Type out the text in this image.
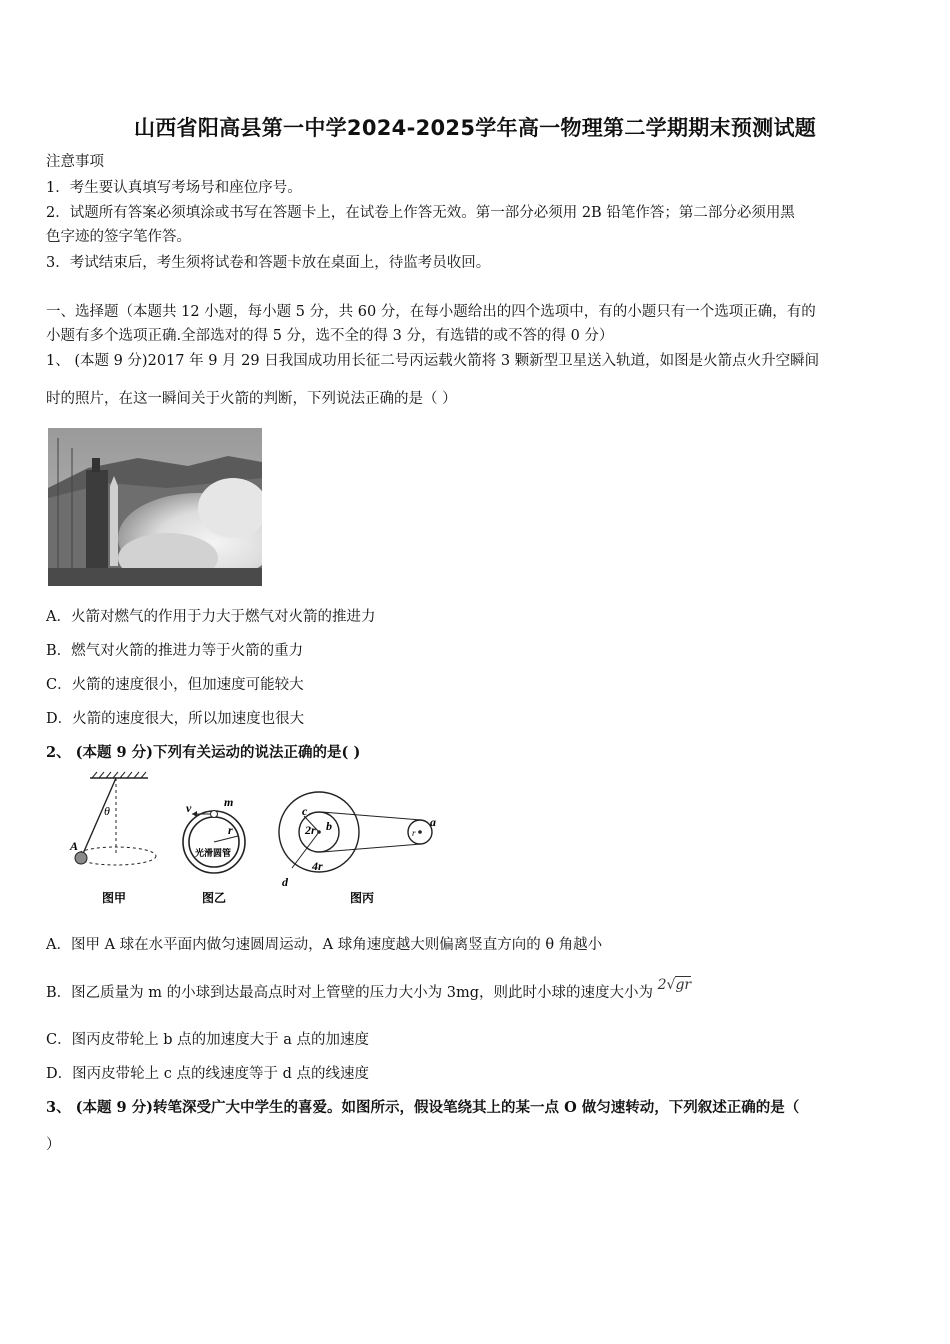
山西省阳高县第一中学2024-2025学年高一物理第二学期期末预测试题
注意事项
1．考生要认真填写考场号和座位序号。
2．试题所有答案必须填涂或书写在答题卡上，在试卷上作答无效。第一部分必须用 2B 铅笔作答；第二部分必须用黑
色字迹的签字笔作答。
3．考试结束后，考生须将试卷和答题卡放在桌面上，待监考员收回。
一、选择题（本题共 12 小题，每小题 5 分，共 60 分，在每小题给出的四个选项中，有的小题只有一个选项正确，有的
小题有多个选项正确.全部选对的得 5 分，选不全的得 3 分，有选错的或不答的得 0 分）
1、 (本题 9 分)2017 年 9 月 29 日我国成功用长征二号丙运载火箭将 3 颗新型卫星送入轨道，如图是火箭点火升空瞬间
时的照片，在这一瞬间关于火箭的判断，下列说法正确的是（ ）
A．火箭对燃气的作用于力大于燃气对火箭的推进力
B．燃气对火箭的推进力等于火箭的重力
C．火箭的速度很小，但加速度可能较大
D．火箭的速度很大，所以加速度也很大
2、 (本题 9 分)下列有关运动的说法正确的是( )
θ
A
图甲
v	m
r
光滑圆管
图乙
c
2r b
4r
d
r
a
图丙
A．图甲 A 球在水平面内做匀速圆周运动，A 球角速度越大则偏离竖直方向的 θ 角越小
B．图乙质量为 m 的小球到达最高点时对上管壁的压力大小为 3mg，则此时小球的速度大小为 2√gr
C．图丙皮带轮上 b 点的加速度大于 a 点的加速度
D．图丙皮带轮上 c 点的线速度等于 d 点的线速度
3、 (本题 9 分)转笔深受广大中学生的喜爱。如图所示，假设笔绕其上的某一点 O 做匀速转动，下列叙述正确的是（
）
